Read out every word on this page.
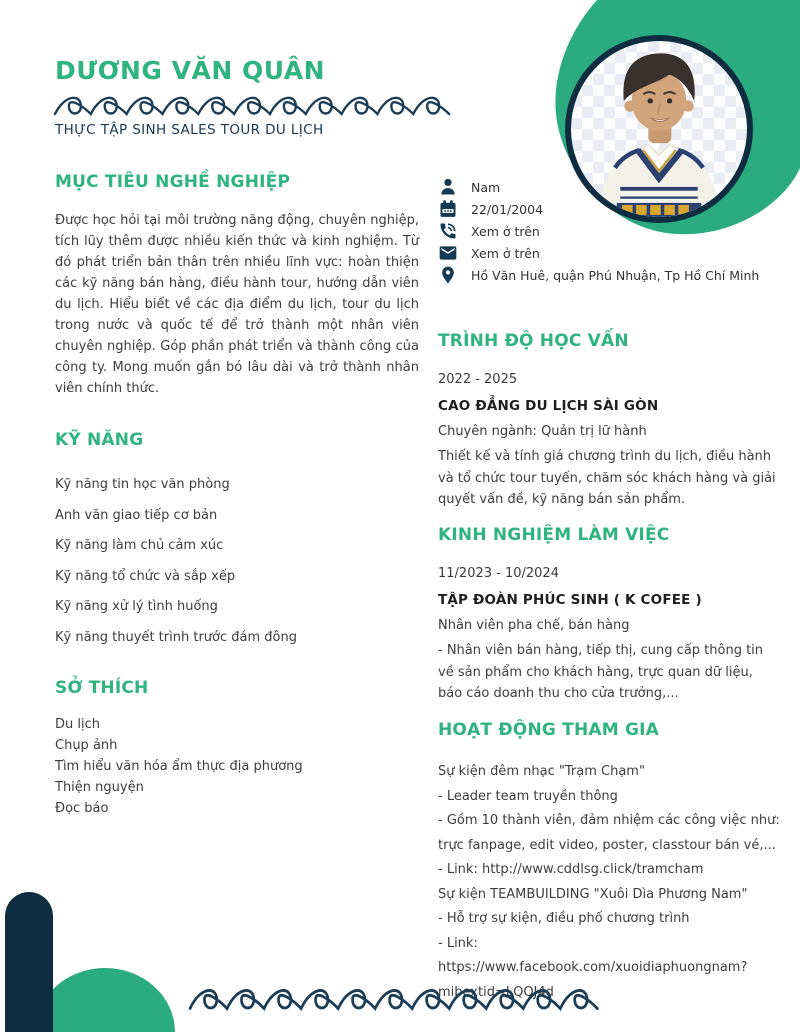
DƯƠNG VĂN QUÂN
THỰC TẬP SINH SALES TOUR DU LỊCH
Nam
22/01/2004
Xem ở trên
Xem ở trên
Hồ Văn Huê, quận Phú Nhuận, Tp Hồ Chí Minh
MỤC TIÊU NGHỀ NGHIỆP
Được học hỏi tại môi trường năng động, chuyên nghiệp, tích lũy thêm được nhiều kiến thức và kinh nghiệm. Từ đó phát triển bản thân trên nhiều lĩnh vực: hoàn thiện các kỹ năng bán hàng, điều hành tour, hướng dẫn viên du lịch. Hiểu biết về các địa điểm du lịch, tour du lịch trong nước và quốc tế để trở thành một nhân viên chuyên nghiệp. Góp phần phát triển và thành công của công ty. Mong muốn gắn bó lâu dài và trở thành nhân viên chính thức.
KỸ NĂNG
Kỹ năng tin học văn phòng
Anh văn giao tiếp cơ bản
Kỹ năng làm chủ cảm xúc
Kỹ năng tổ chức và sắp xếp
Kỹ năng xử lý tình huống
Kỹ năng thuyết trình trước đám đông
SỞ THÍCH
Du lịch
Chụp ảnh
Tìm hiểu văn hóa ẩm thực địa phương
Thiện nguyện
Đọc báo
TRÌNH ĐỘ HỌC VẤN
2022 - 2025
CAO ĐẲNG DU LỊCH SÀI GÒN
Chuyên ngành: Quản trị lữ hành
Thiết kế và tính giá chương trình du lịch, điều hành và tổ chức tour tuyến, chăm sóc khách hàng và giải quyết vấn đề, kỹ năng bán sản phẩm.
KINH NGHIỆM LÀM VIỆC
11/2023 - 10/2024
TẬP ĐOÀN PHÚC SINH ( K COFEE )
Nhân viên pha chế, bán hàng
- Nhân viên bán hàng, tiếp thị, cung cấp thông tin về sản phẩm cho khách hàng, trực quan dữ liệu, báo cáo doanh thu cho cửa trưởng,...
HOẠT ĐỘNG THAM GIA

Sự kiện đêm nhạc "Trạm Chạm"

- Leader team truyền thông

- Gồm 10 thành viên, đảm nhiệm các công việc như: trực fanpage, edit video, poster, classtour bán vé,...

- Link: http://www.cddlsg.click/tramcham

Sự kiện TEAMBUILDING "Xuôi Dìa Phương Nam"

- Hỗ trợ sự kiện, điều phố chương trình

- Link: https://www.facebook.com/xuoidiaphuongnam?mibextid=LQQJ4d
